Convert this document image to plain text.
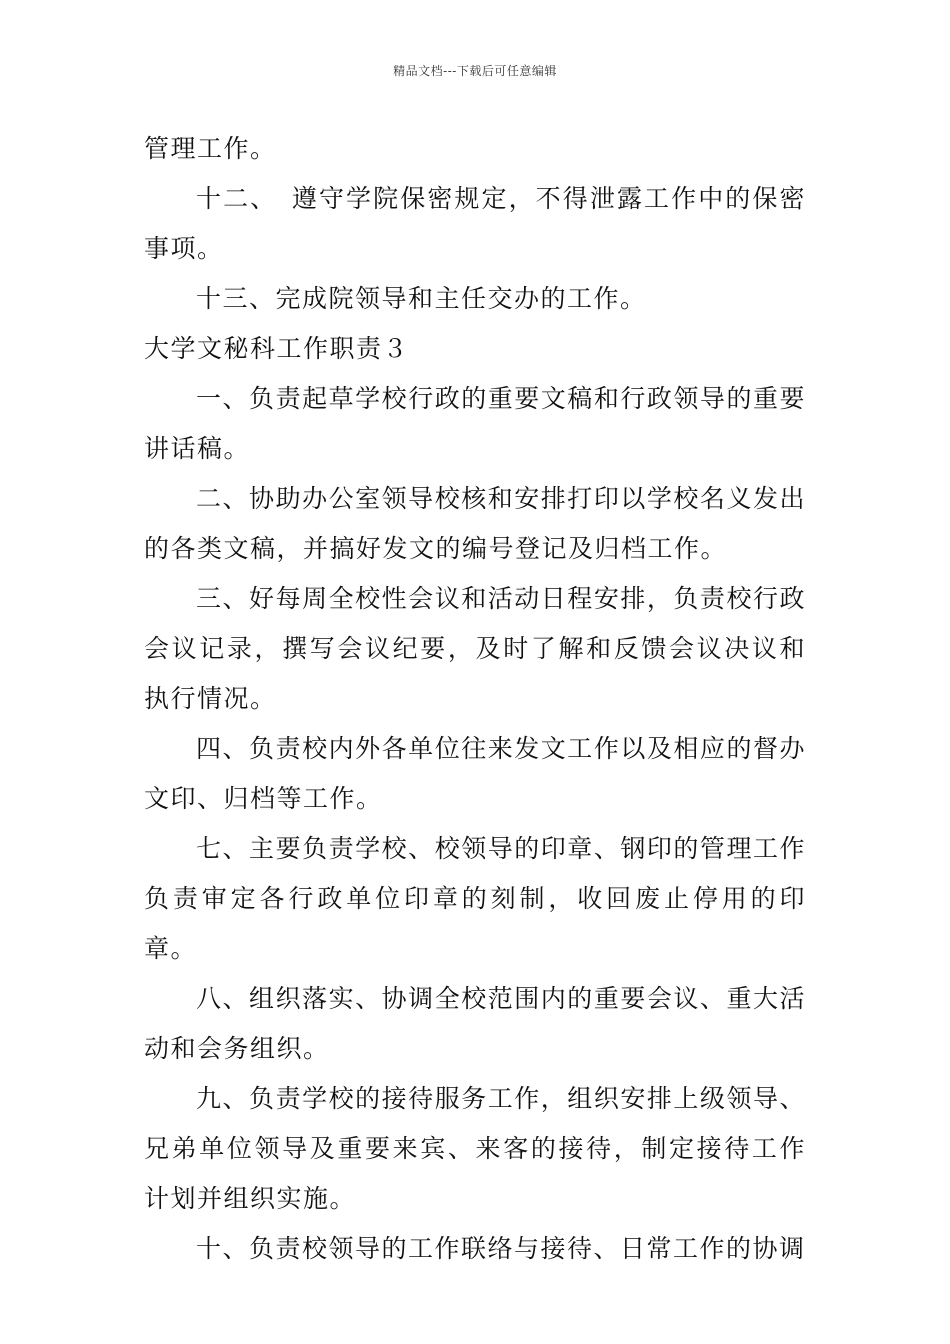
精品文档---下载后可任意编辑

管理工作。

十二、　遵守学院保密规定，不得泄露工作中的保密事项。

十三、完成院领导和主任交办的工作。

大学文秘科工作职责３

一、负责起草学校行政的重要文稿和行政领导的重要讲话稿。

二、协助办公室领导校核和安排打印以学校名义发出的各类文稿，并搞好发文的编号登记及归档工作。

三、好每周全校性会议和活动日程安排，负责校行政会议记录，撰写会议纪要，及时了解和反馈会议决议和执行情况。

四、负责校内外各单位往来发文工作以及相应的督办文印、归档等工作。

七、主要负责学校、校领导的印章、钢印的管理工作负责审定各行政单位印章的刻制，收回废止停用的印章。

八、组织落实、协调全校范围内的重要会议、重大活动和会务组织。

九、负责学校的接待服务工作，组织安排上级领导、兄弟单位领导及重要来宾、来客的接待，制定接待工作计划并组织实施。

十、负责校领导的工作联络与接待、日常工作的协调
